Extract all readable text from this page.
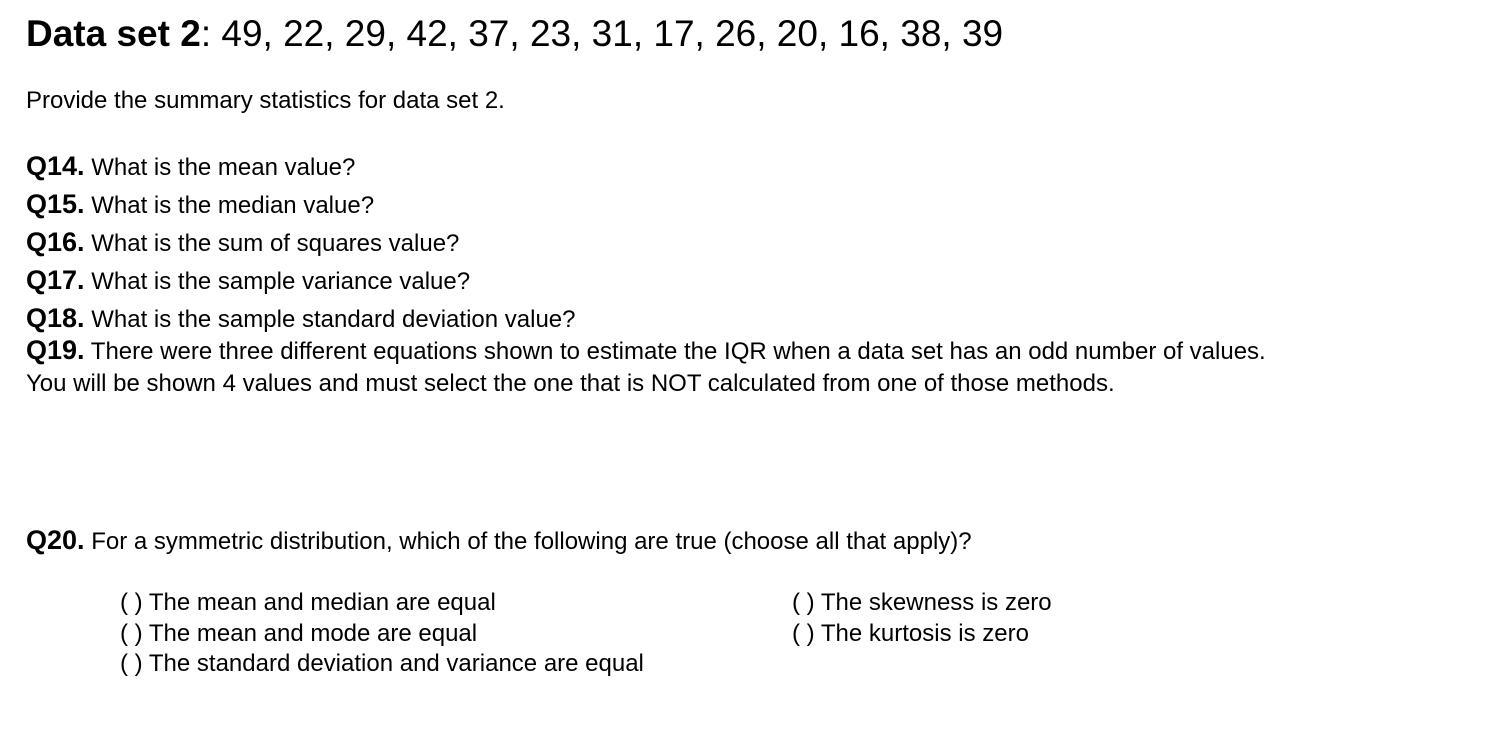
Data set 2: 49, 22, 29, 42, 37, 23, 31, 17, 26, 20, 16, 38, 39
Provide the summary statistics for data set 2.
Q14. What is the mean value?
Q15. What is the median value?
Q16. What is the sum of squares value?
Q17. What is the sample variance value?
Q18. What is the sample standard deviation value?
Q19. There were three different equations shown to estimate the IQR when a data set has an odd number of values.
You will be shown 4 values and must select the one that is NOT calculated from one of those methods.
Q20. For a symmetric distribution, which of the following are true (choose all that apply)?
( ) The mean and median are equal
( ) The mean and mode are equal
( ) The standard deviation and variance are equal
( ) The skewness is zero
( ) The kurtosis is zero
